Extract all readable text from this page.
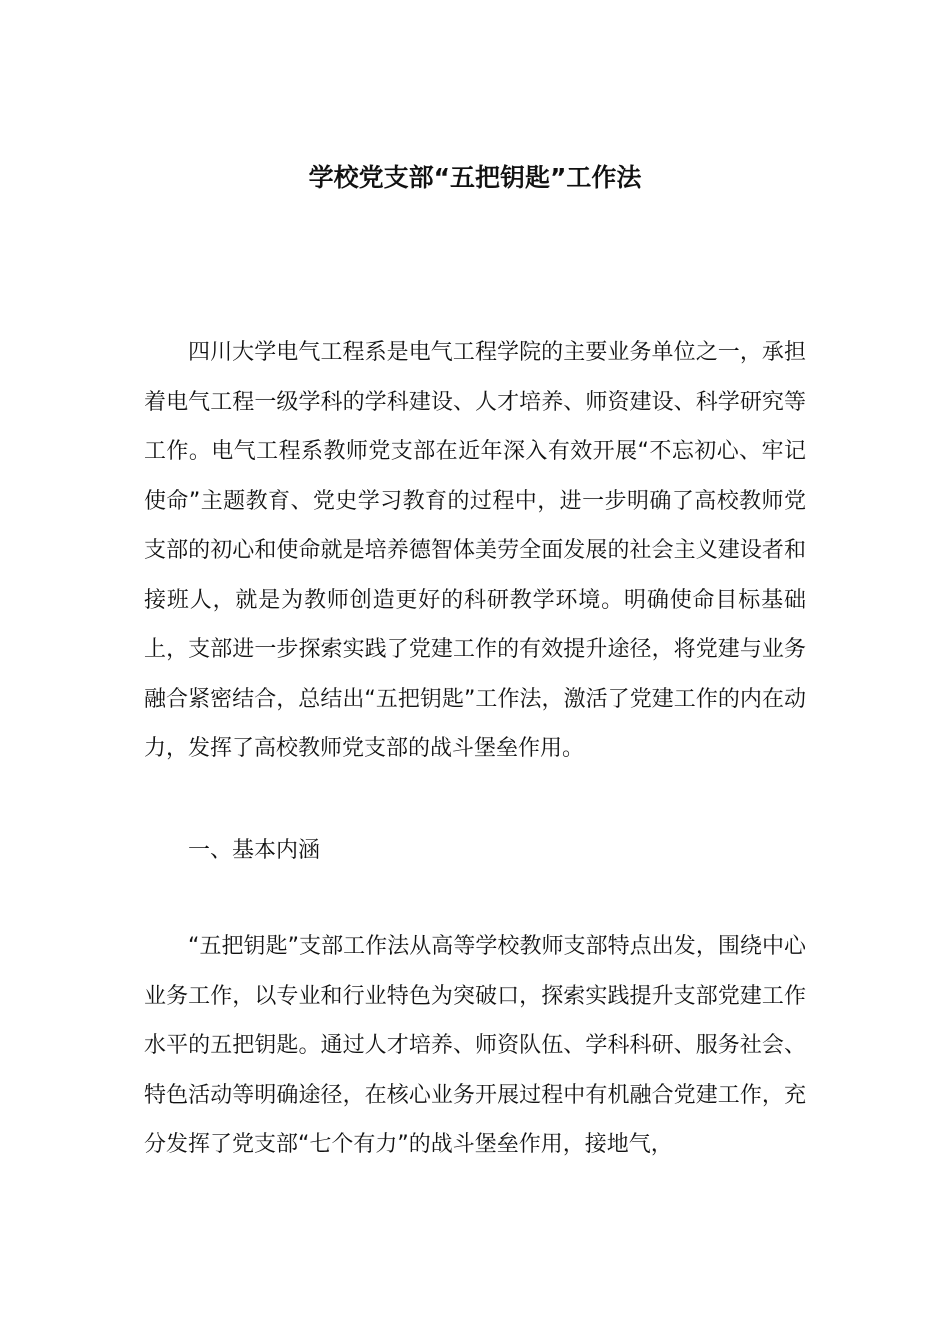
学校党支部“五把钥匙”工作法

四川大学电气工程系是电气工程学院的主要业务单位之一，承担着电气工程一级学科的学科建设、人才培养、师资建设、科学研究等工作。电气工程系教师党支部在近年深入有效开展“不忘初心、牢记使命”主题教育、党史学习教育的过程中，进一步明确了高校教师党支部的初心和使命就是培养德智体美劳全面发展的社会主义建设者和接班人，就是为教师创造更好的科研教学环境。明确使命目标基础上，支部进一步探索实践了党建工作的有效提升途径，将党建与业务融合紧密结合，总结出“五把钥匙”工作法，激活了党建工作的内在动力，发挥了高校教师党支部的战斗堡垒作用。

一、基本内涵

“五把钥匙”支部工作法从高等学校教师支部特点出发，围绕中心业务工作，以专业和行业特色为突破口，探索实践提升支部党建工作水平的五把钥匙。通过人才培养、师资队伍、学科科研、服务社会、特色活动等明确途径，在核心业务开展过程中有机融合党建工作，充分发挥了党支部“七个有力”的战斗堡垒作用，接地气，
